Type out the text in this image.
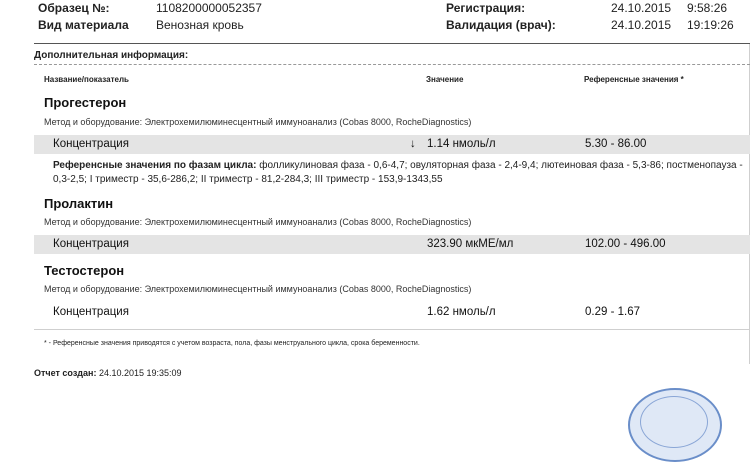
Образец №:	1108200000052357
Вид материала Венозная кровь
Регистрация:	24.10.2015 9:58:26
Валидация (врач):	24.10.2015 19:19:26
Дополнительная информация:
Название/показатель	Значение	Референсные значения *
Прогестерон
Метод и оборудование: Электрохемилюминесцентный иммуноанализ (Cobas 8000, RocheDiagnostics)
Концентрация	↓ 1.14 нмоль/л	5.30 - 86.00
Референсные значения по фазам цикла: фолликулиновая фаза - 0,6-4,7; овуляторная фаза - 2,4-9,4; лютеиновая фаза - 5,3-86; постменопауза - 0,3-2,5; I триместр - 35,6-286,2; II триместр - 81,2-284,3; III триместр - 153,9-1343,55
Пролактин
Метод и оборудование: Электрохемилюминесцентный иммуноанализ (Cobas 8000, RocheDiagnostics)
Концентрация	323.90 мкМЕ/мл	102.00 - 496.00
Тестостерон
Метод и оборудование: Электрохемилюминесцентный иммуноанализ (Cobas 8000, RocheDiagnostics)
Концентрация	1.62 нмоль/л	0.29 - 1.67
* - Референсные значения приводятся с учетом возраста, пола, фазы менструального цикла, срока беременности.
Отчет создан: 24.10.2015 19:35:09
